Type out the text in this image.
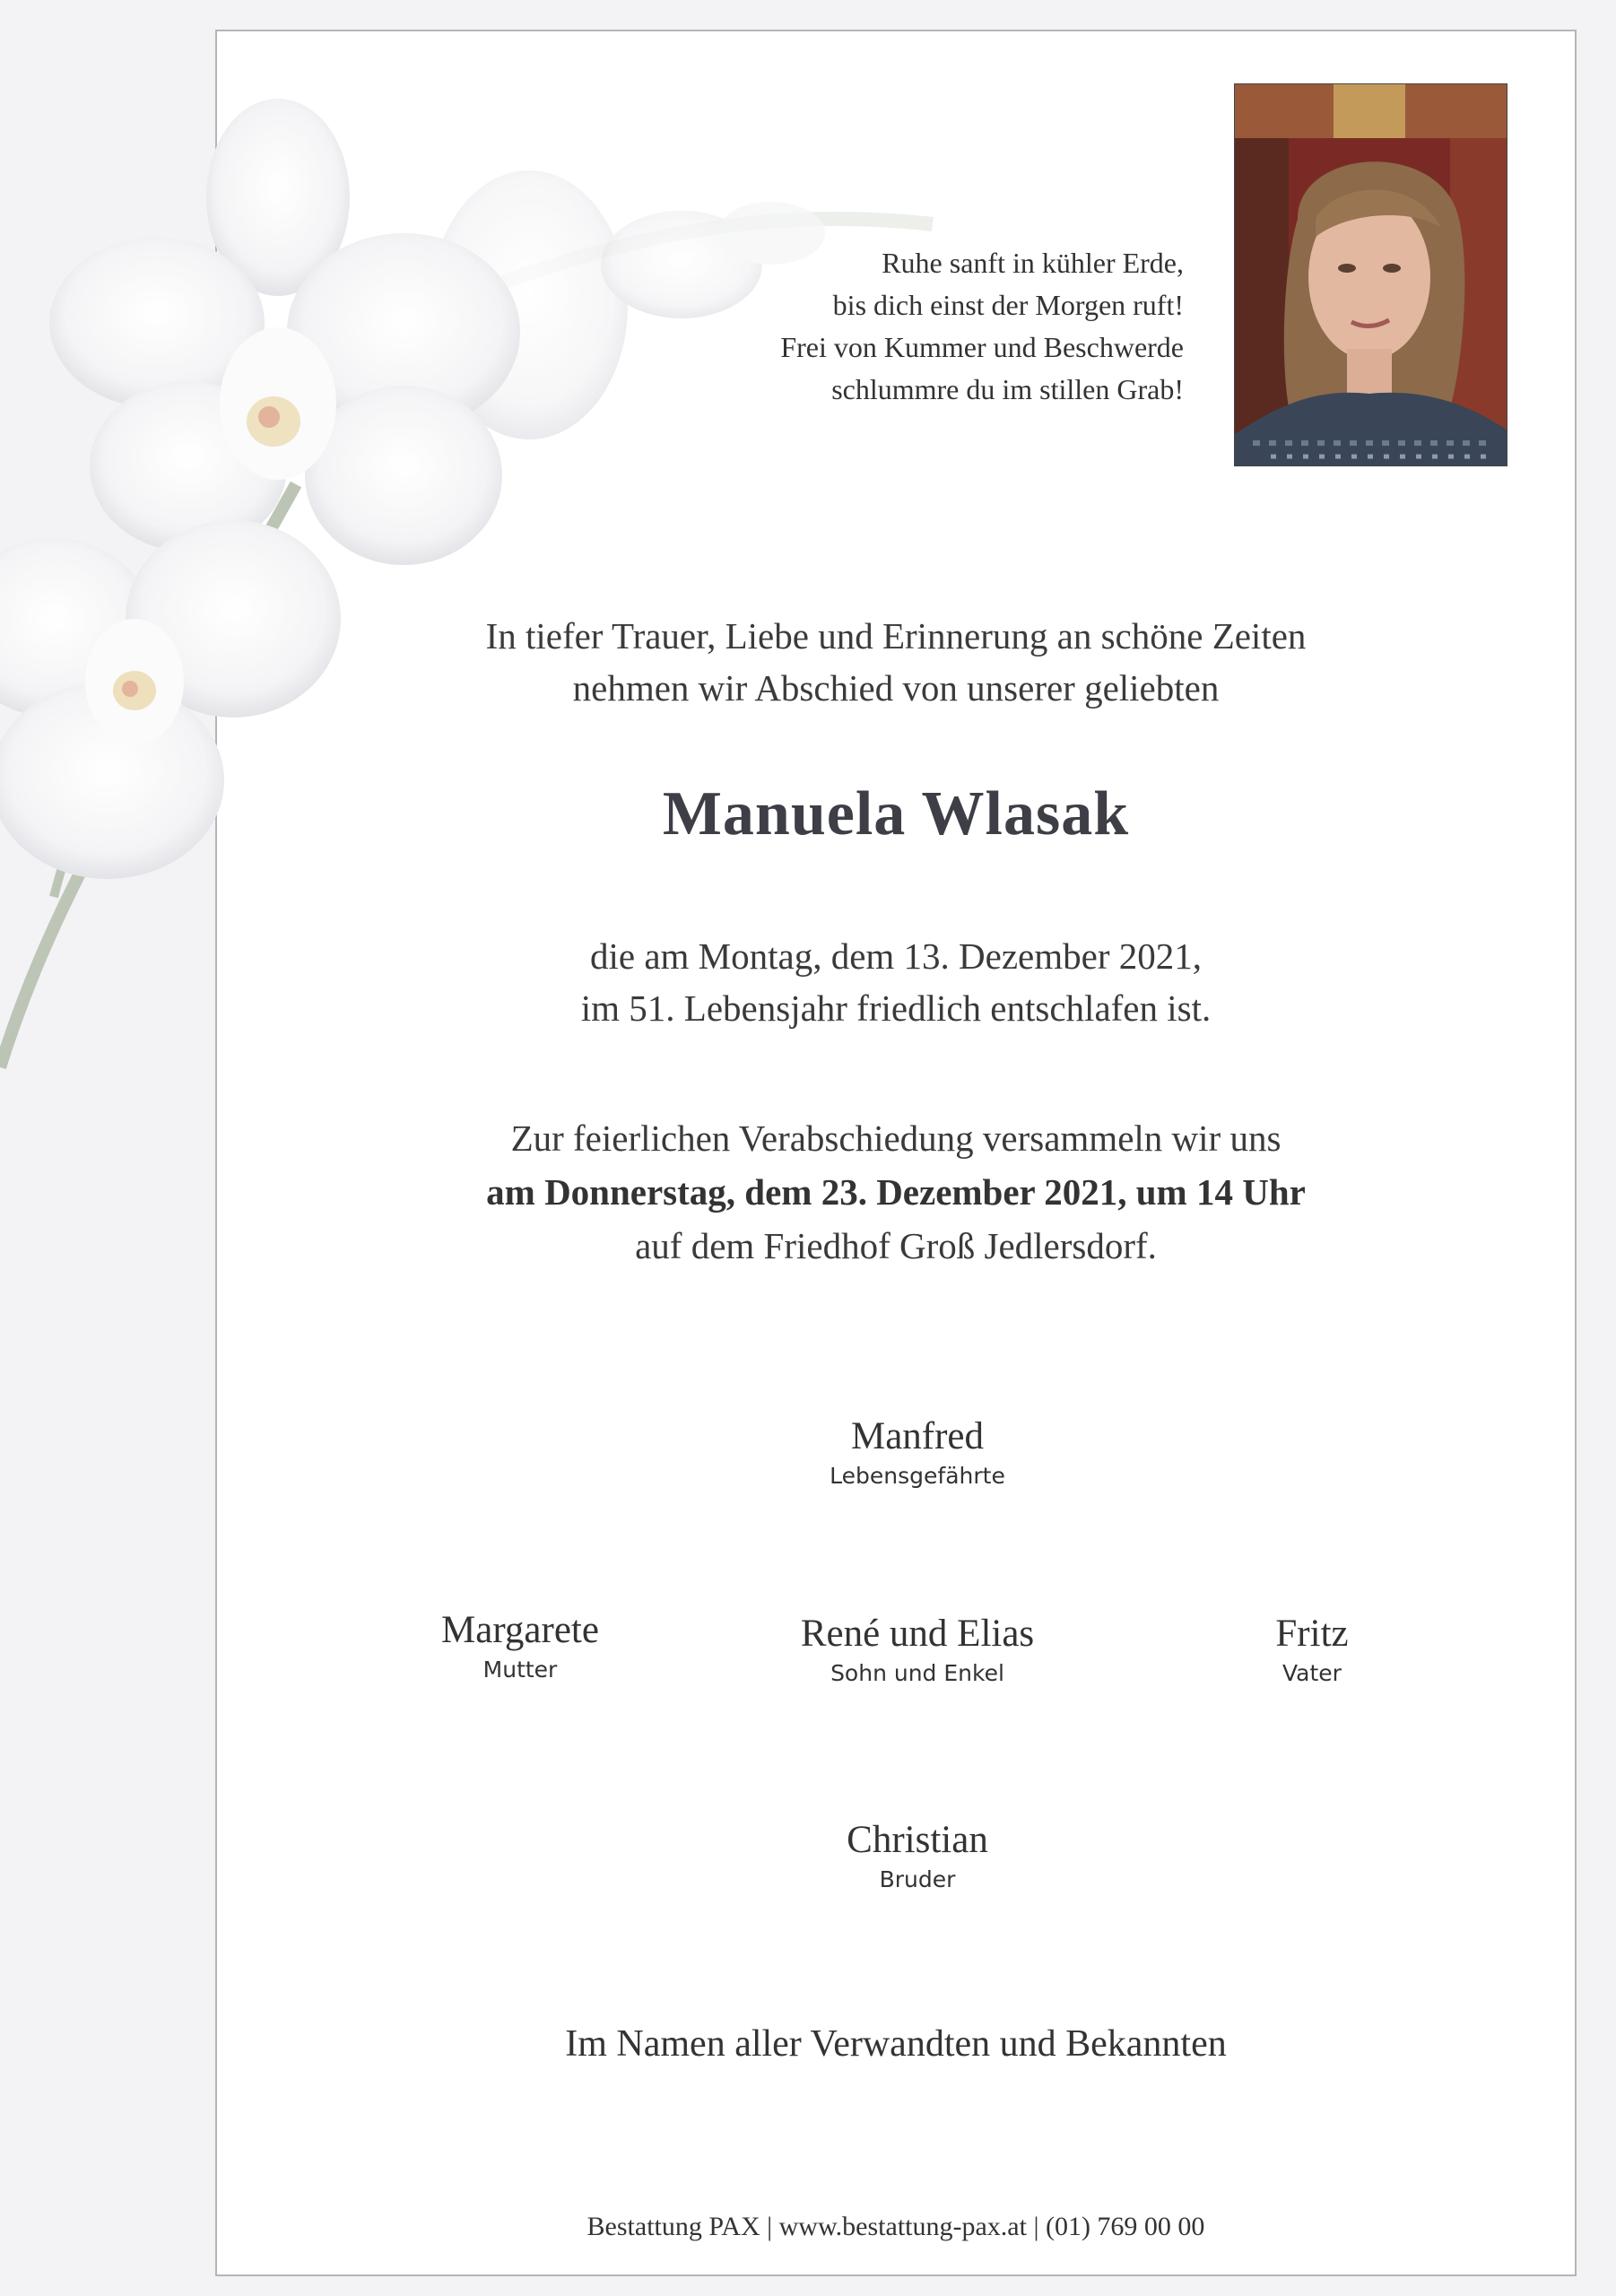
Ruhe sanft in kühler Erde,
bis dich einst der Morgen ruft!
Frei von Kummer und Beschwerde
schlummre du im stillen Grab!
In tiefer Trauer, Liebe und Erinnerung an schöne Zeiten
nehmen wir Abschied von unserer geliebten
Manuela Wlasak
die am Montag, dem 13. Dezember 2021,
im 51. Lebensjahr friedlich entschlafen ist.
Zur feierlichen Verabschiedung versammeln wir uns
am Donnerstag, dem 23. Dezember 2021, um 14 Uhr
auf dem Friedhof Groß Jedlersdorf.
Manfred
Lebensgefährte
Margarete
Mutter
René und Elias
Sohn und Enkel
Fritz
Vater
Christian
Bruder
Im Namen aller Verwandten und Bekannten
Bestattung PAX | www.bestattung-pax.at | (01) 769 00 00
